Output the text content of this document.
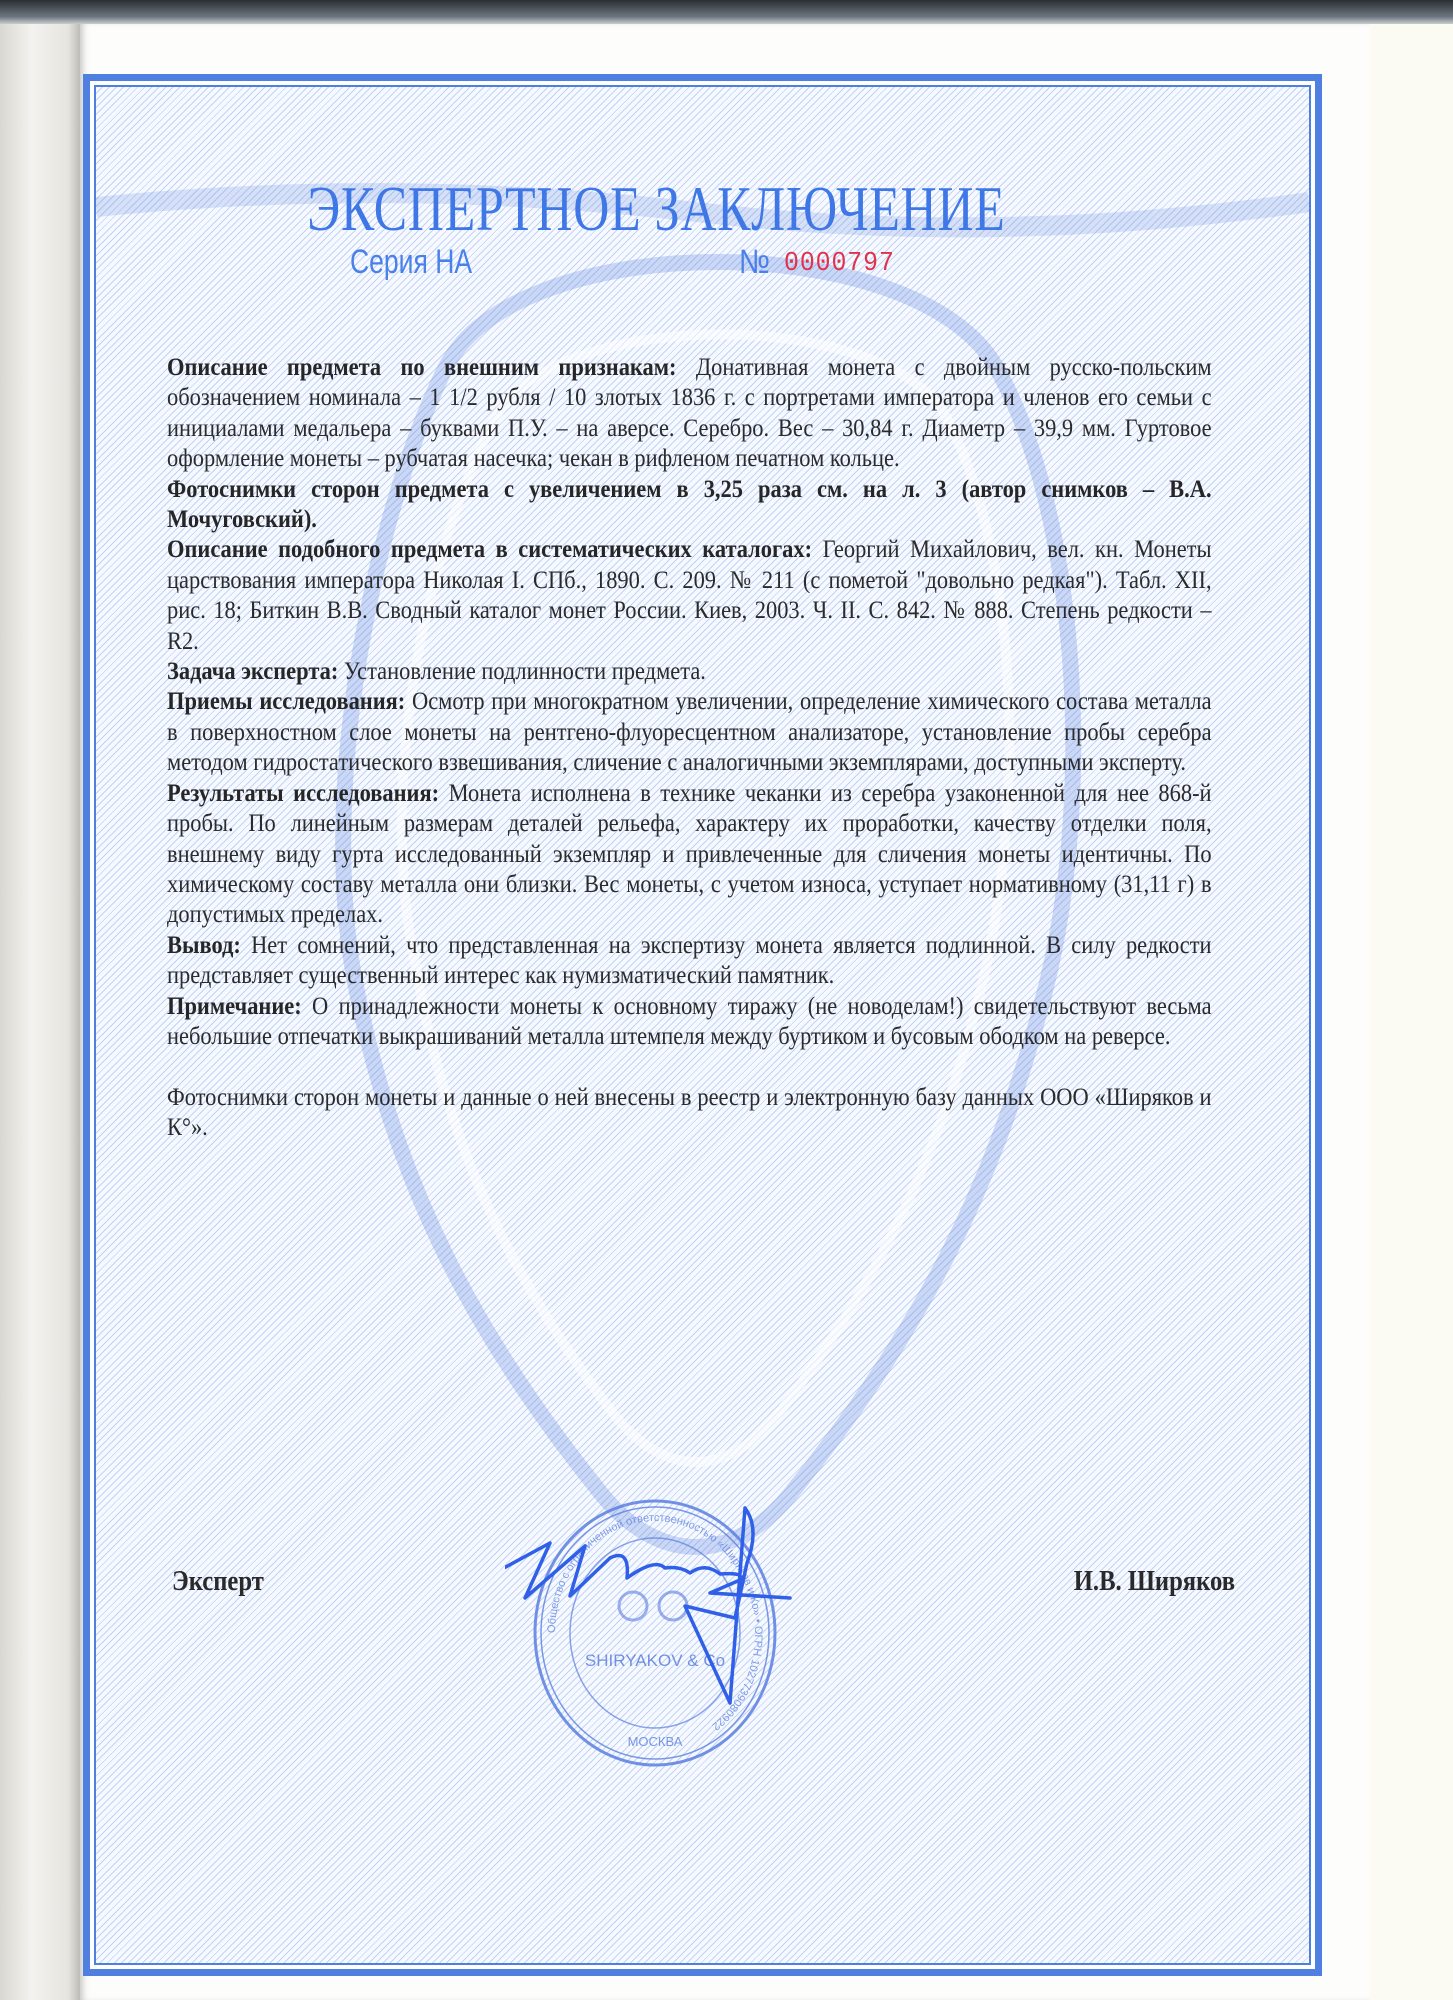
ЭКСПЕРТНОЕ ЗАКЛЮЧЕНИЕ
Серия НА	№ 0000797

Описание предмета по внешним признакам: Донативная монета с двойным русско-польским обозначением номинала – 1 1/2 рубля / 10 злотых 1836 г. с портретами императора и членов его семьи с инициалами медальера – буквами П.У. – на аверсе. Серебро. Вес – 30,84 г. Диаметр – 39,9 мм. Гуртовое оформление монеты – рубчатая насечка; чекан в рифленом печатном кольце.

Фотоснимки сторон предмета с увеличением в 3,25 раза см. на л. 3 (автор снимков – В.А. Мочуговский).

Описание подобного предмета в систематических каталогах: Георгий Михайлович, вел. кн. Монеты царствования императора Николая I. СПб., 1890. С. 209. № 211 (с пометой "довольно редкая"). Табл. XII, рис. 18; Биткин В.В. Сводный каталог монет России. Киев, 2003. Ч. II. С. 842. № 888. Степень редкости – R2.

Задача эксперта: Установление подлинности предмета.

Приемы исследования: Осмотр при многократном увеличении, определение химического состава металла в поверхностном слое монеты на рентгено-флуоресцентном анализаторе, установление пробы серебра методом гидростатического взвешивания, сличение с аналогичными экземплярами, доступными эксперту.

Результаты исследования: Монета исполнена в технике чеканки из серебра узаконенной для нее 868-й пробы. По линейным размерам деталей рельефа, характеру их проработки, качеству отделки поля, внешнему виду гурта исследованный экземпляр и привлеченные для сличения монеты идентичны. По химическому составу металла они близки. Вес монеты, с учетом износа, уступает нормативному (31,11 г) в допустимых пределах.

Вывод: Нет сомнений, что представленная на экспертизу монета является подлинной. В силу редкости представляет существенный интерес как нумизматический памятник.

Примечание: О принадлежности монеты к основному тиражу (не новоделам!) свидетельствуют весьма небольшие отпечатки выкрашиваний металла штемпеля между буртиком и бусовым ободком на реверсе.

Фотоснимки сторон монеты и данные о ней внесены в реестр и электронную базу данных ООО «Ширяков и К°».

Общество с ограниченной ответственностью «Ширяков и Ко» • ОГРН 1027739080922
SHIRYAKOV & Co
МОСКВА
Эксперт	И.В. Ширяков
